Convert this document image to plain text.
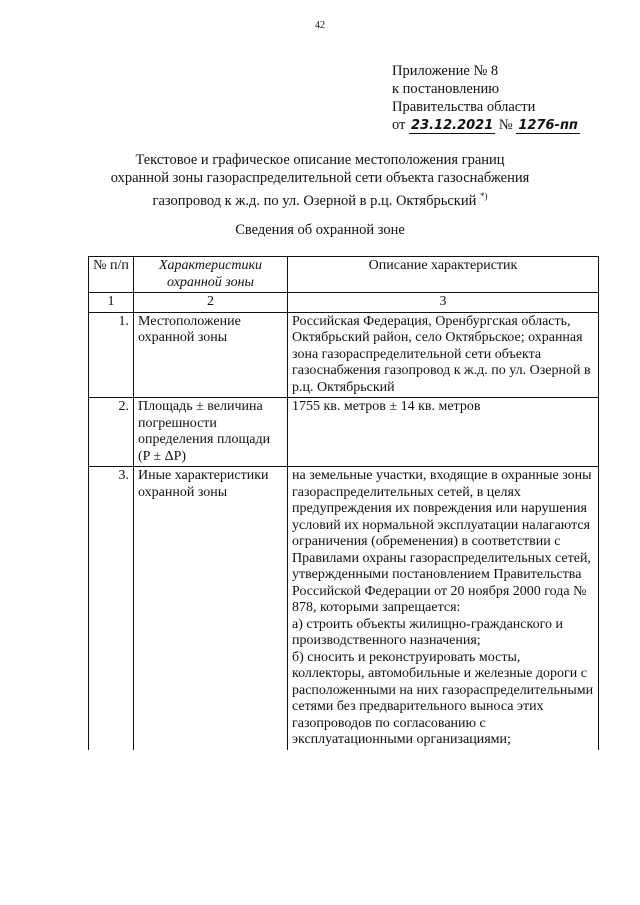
42
Приложение № 8
к постановлению
Правительства области
от 23.12.2021 № 1276-пп
Текстовое и графическое описание местоположения границ
охранной зоны газораспределительной сети объекта газоснабжения
газопровод к ж.д. по ул. Озерной в р.ц. Октябрьский *)
Сведения об охранной зоне
№ п/п	Характеристики охранной зоны	Описание характеристик
1	2	3
1.	Местоположение охранной зоны	Российская Федерация, Оренбургская область, Октябрьский район, село Октябрьское; охранная зона газораспределительной сети объекта газоснабжения газопровод к ж.д. по ул. Озерной в р.ц. Октябрьский
2.	Площадь ± величина погрешности определения площади (P ± ΔP)	1755 кв. метров ± 14 кв. метров
3.	Иные характеристики охранной зоны	на земельные участки, входящие в охранные зоны газораспределительных сетей, в целях предупреждения их повреждения или нарушения условий их нормальной эксплуатации налагаются ограничения (обременения) в соответствии с Правилами охраны газораспределительных сетей, утвержденными постановлением Правительства Российской Федерации от 20 ноября 2000 года № 878, которыми запрещается:
а) строить объекты жилищно-гражданского и производственного назначения;
б) сносить и реконструировать мосты, коллекторы, автомобильные и железные дороги с расположенными на них газораспределительными сетями без предварительного выноса этих газопроводов по согласованию с эксплуатационными организациями;
